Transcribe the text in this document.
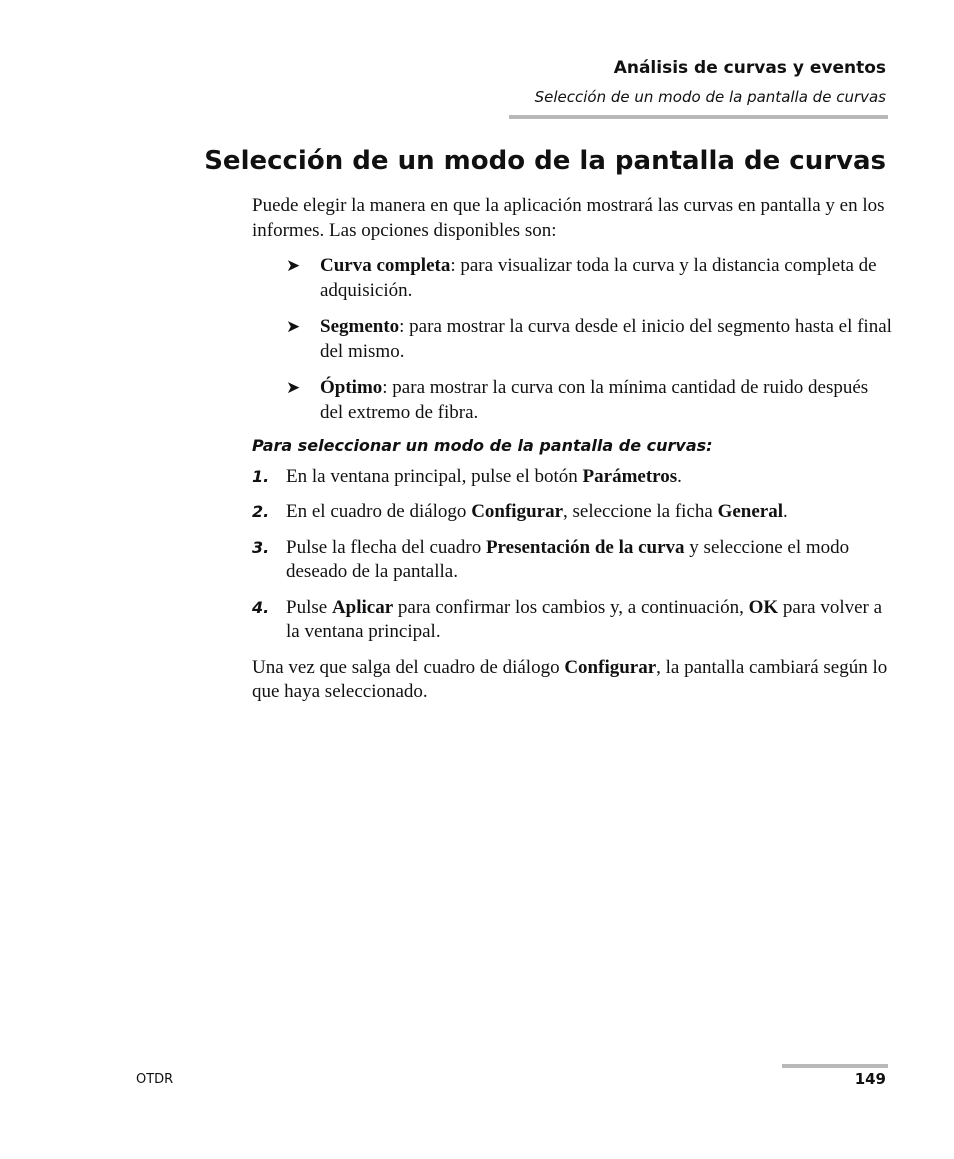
Análisis de curvas y eventos
Selección de un modo de la pantalla de curvas
Selección de un modo de la pantalla de curvas

Puede elegir la manera en que la aplicación mostrará las curvas en pantalla y en los informes. Las opciones disponibles son:

➤ Curva completa: para visualizar toda la curva y la distancia completa de adquisición.
➤ Segmento: para mostrar la curva desde el inicio del segmento hasta el final del mismo.
➤ Óptimo: para mostrar la curva con la mínima cantidad de ruido después del extremo de fibra.
Para seleccionar un modo de la pantalla de curvas:
1. En la ventana principal, pulse el botón Parámetros.
2. En el cuadro de diálogo Configurar, seleccione la ficha General.
3. Pulse la flecha del cuadro Presentación de la curva y seleccione el modo deseado de la pantalla.
4. Pulse Aplicar para confirmar los cambios y, a continuación, OK para volver a la ventana principal.

Una vez que salga del cuadro de diálogo Configurar, la pantalla cambiará según lo que haya seleccionado.

OTDR	149
